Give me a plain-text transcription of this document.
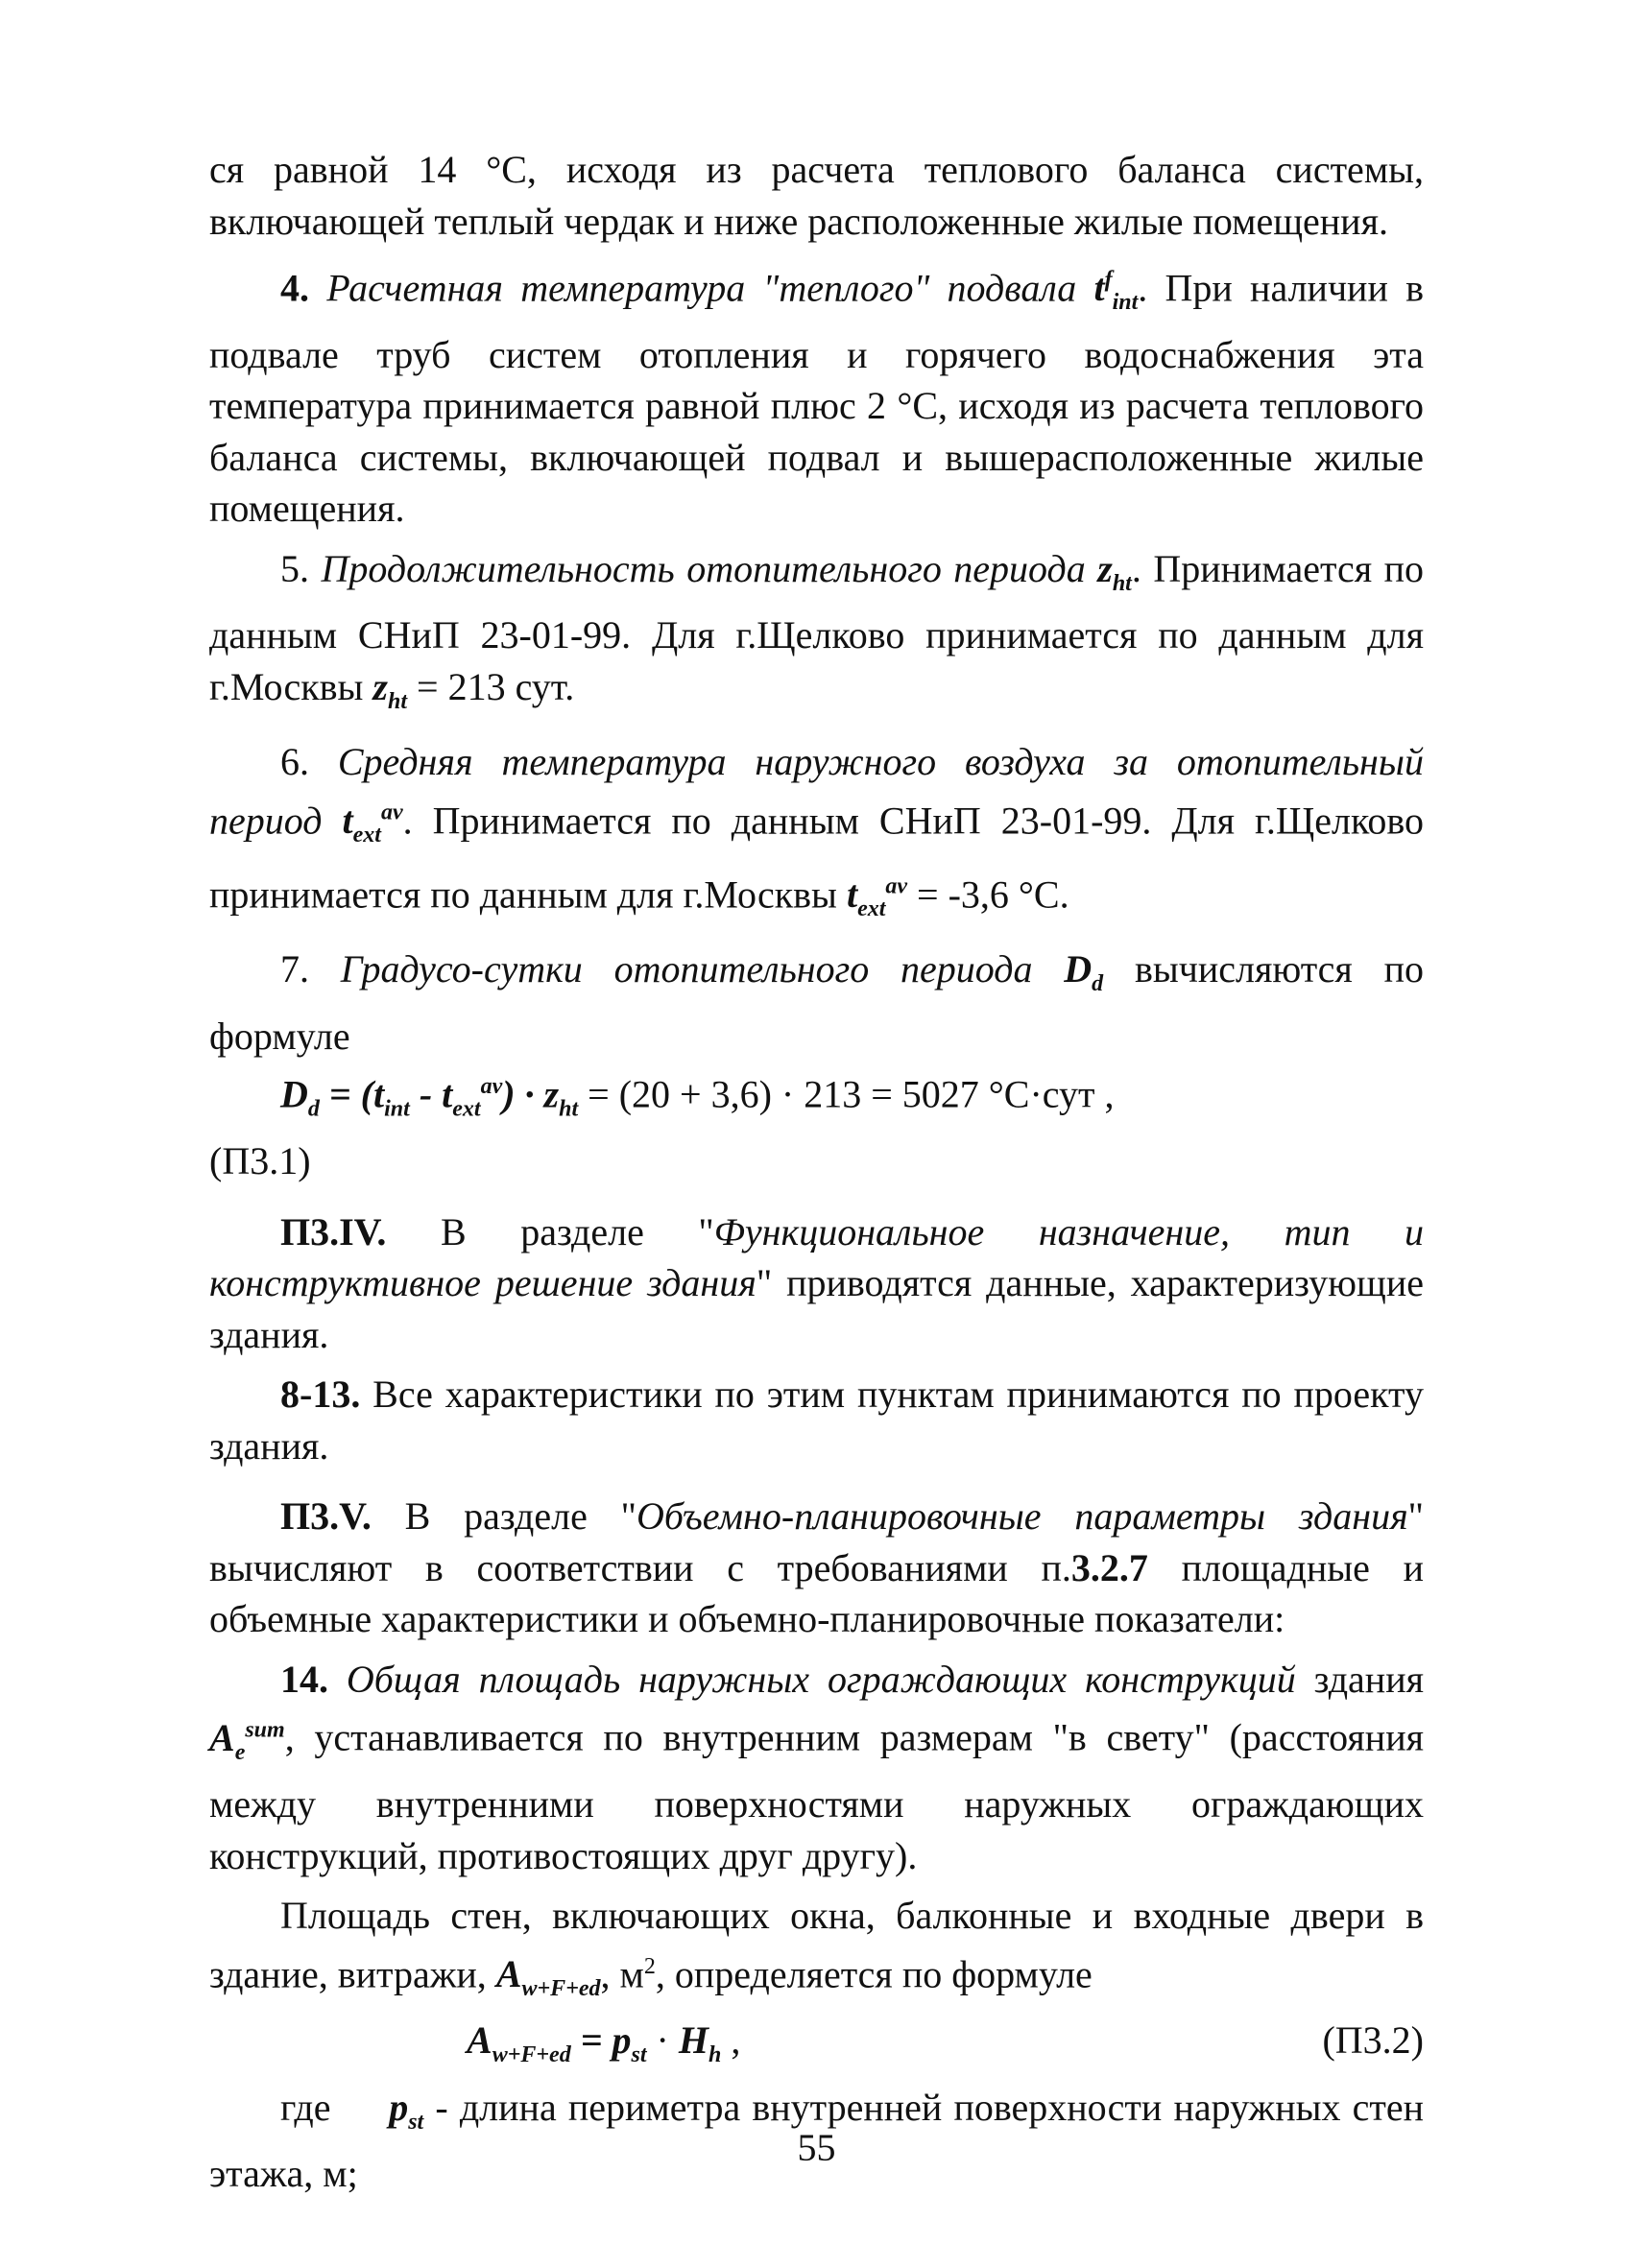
ся равной 14 °С, исходя из расчета теплового баланса системы, включающей теплый чердак и ниже расположенные жилые помещения.

4. Расчетная температура "теплого" подвала $t^f_{int}$. При наличии в подвале труб систем отопления и горячего водоснабжения эта температура принимается равной плюс 2 °С, исходя из расчета теплового баланса системы, включающей подвал и вышерасположенные жилые помещения.

5. Продолжительность отопительного периода $z_{ht}$. Принимается по данным СНиП 23-01-99. Для г.Щелково принимается по данным для г.Москвы $z_{ht} = 213$ сут.

6. Средняя температура наружного воздуха за отопительный период $t_{ext}^{av}$. Принимается по данным СНиП 23-01-99. Для г.Щелково принимается по данным для г.Москвы $t_{ext}^{av} = -3,6$ °С.

7. Градусо-сутки отопительного периода $D_d$ вычисляются по формуле

$D_d = (t_{int} - t_{ext}^{av}) \cdot z_{ht} = (20 + 3,6) \cdot 213 = 5027$ °С·сут ,

(П3.1)

П3.IV. В разделе "Функциональное назначение, тип и конструктивное решение здания" приводятся данные, характеризующие здания.

8-13. Все характеристики по этим пунктам принимаются по проекту здания.

П3.V. В разделе "Объемно-планировочные параметры здания" вычисляют в соответствии с требованиями п.3.2.7 площадные и объемные характеристики и объемно-планировочные показатели:

14. Общая площадь наружных ограждающих конструкций здания $A_e^{sum}$, устанавливается по внутренним размерам "в свету" (расстояния между внутренними поверхностями наружных ограждающих конструкций, противостоящих друг другу).

Площадь стен, включающих окна, балконные и входные двери в здание, витражи, $A_{w+F+ed}$, $м^2$, определяется по формуле

$A_{w+F+ed} = p_{st} \cdot H_h$ ,	(П3.2)

где $p_{st}$ - длина периметра внутренней поверхности наружных стен этажа, м;

55
